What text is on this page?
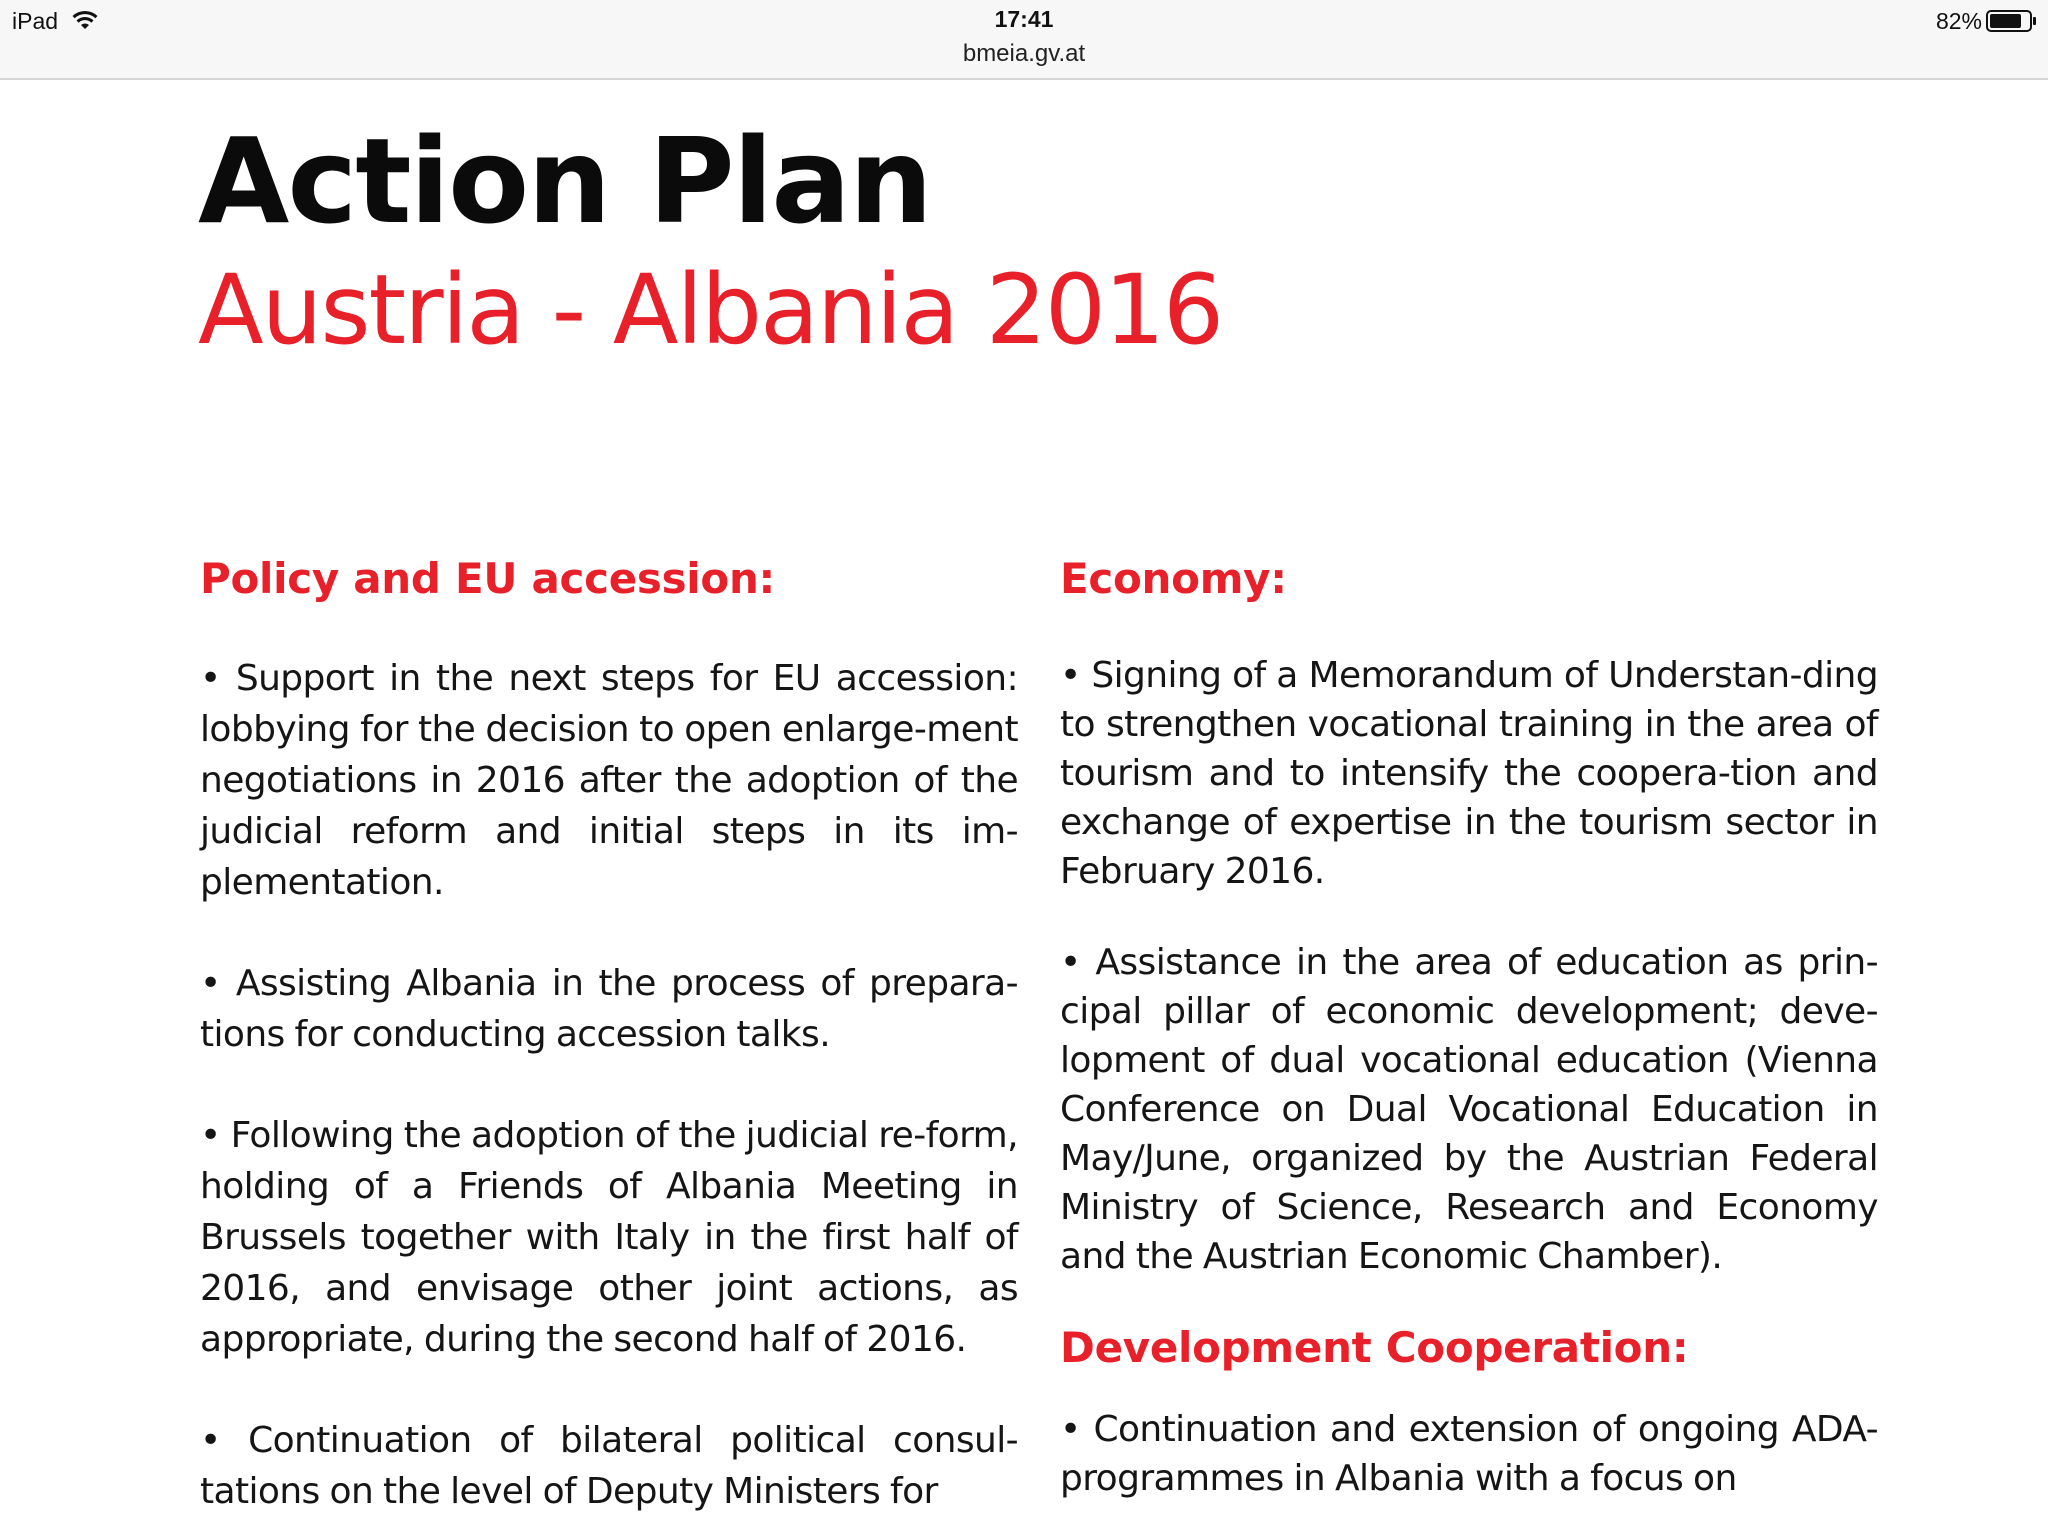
iPad	17:41
bmeia.gv.at
82%
Action Plan
Austria - Albania 2016
Policy and EU accession:

• Support in the next steps for EU accession: lobbying for the decision to open enlarge-ment negotiations in 2016 after the adoption of the judicial reform and initial steps in its im-plementation.

• Assisting Albania in the process of prepara-tions for conducting accession talks.

• Following the adoption of the judicial re-form, holding of a Friends of Albania Meeting in Brussels together with Italy in the first half of 2016, and envisage other joint actions, as appropriate, during the second half of 2016.

• Continuation of bilateral political consul-tations on the level of Deputy Ministers for

Economy:

• Signing of a Memorandum of Understan-ding to strengthen vocational training in the area of tourism and to intensify the coopera-tion and exchange of expertise in the tourism sector in February 2016.

• Assistance in the area of education as prin-cipal pillar of economic development; deve-lopment of dual vocational education (Vienna Conference on Dual Vocational Education in May/June, organized by the Austrian Federal Ministry of Science, Research and Economy and the Austrian Economic Chamber).

Development Cooperation:

• Continuation and extension of ongoing ADA-programmes in Albania with a focus on
